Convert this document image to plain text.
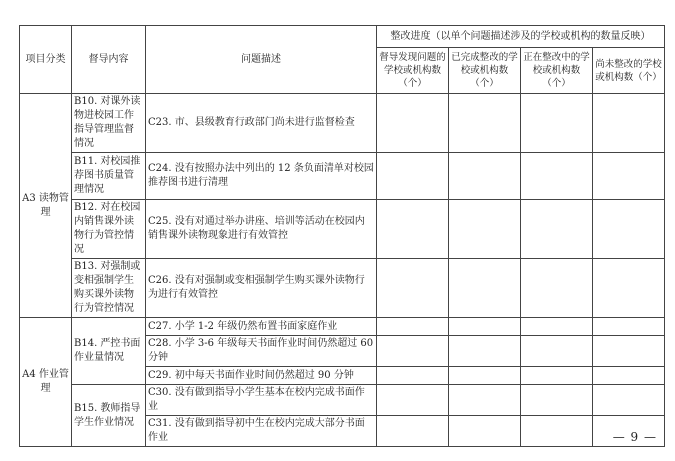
项目分类	督导内容	问题描述	整改进度（以单个问题描述涉及的学校或机构的数量反映）			
			督导发现问题的学校或机构数（个）	已完成整改的学校或机构数（个）	正在整改中的学校或机构数（个）	尚未整改的学校或机构数（个）
A3 读物管理	B10. 对课外读物进校园工作指导管理监督情况	C23. 市、县级教育行政部门尚未进行监督检查				
	B11. 对校园推荐图书质量管理情况	C24. 没有按照办法中列出的 12 条负面清单对校园推荐图书进行清理				
	B12. 对在校园内销售课外读物行为管控情况	C25. 没有对通过举办讲座、培训等活动在校园内销售课外读物现象进行有效管控				
	B13. 对强制或变相强制学生购买课外读物行为管控情况	C26. 没有对强制或变相强制学生购买课外读物行为进行有效管控				
A4 作业管理	B14. 严控书面作业量情况	C27. 小学 1-2 年级仍然布置书面家庭作业				
		C28. 小学 3-6 年级每天书面作业时间仍然超过 60 分钟				
		C29. 初中每天书面作业时间仍然超过 90 分钟				
	B15. 教师指导学生作业情况	C30. 没有做到指导小学生基本在校内完成书面作业				
		C31. 没有做到指导初中生在校内完成大部分书面作业					— 9 —
